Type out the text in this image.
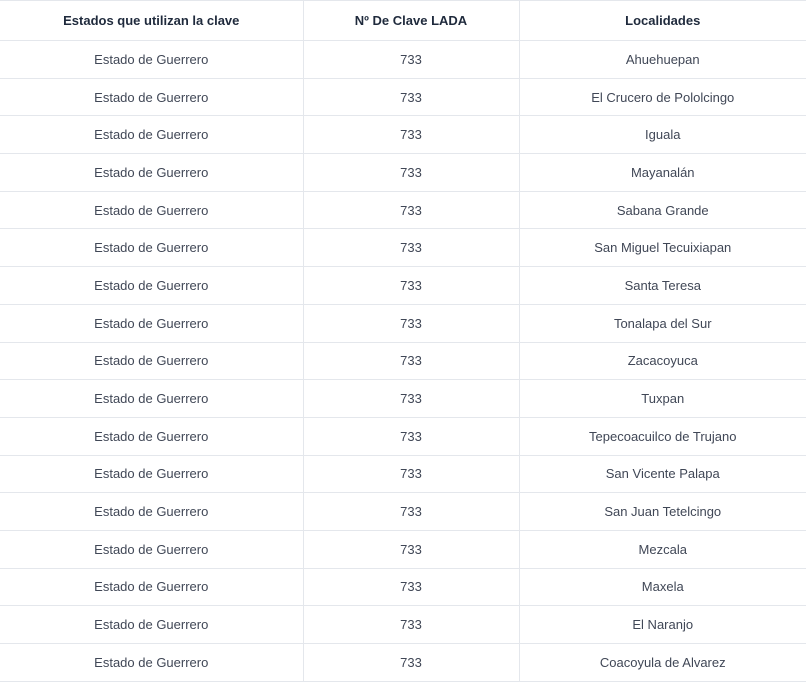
Estados que utilizan la clave	Nº De Clave LADA	Localidades
Estado de Guerrero	733	Ahuehuepan
Estado de Guerrero	733	El Crucero de Pololcingo
Estado de Guerrero	733	Iguala
Estado de Guerrero	733	Mayanalán
Estado de Guerrero	733	Sabana Grande
Estado de Guerrero	733	San Miguel Tecuixiapan
Estado de Guerrero	733	Santa Teresa
Estado de Guerrero	733	Tonalapa del Sur
Estado de Guerrero	733	Zacacoyuca
Estado de Guerrero	733	Tuxpan
Estado de Guerrero	733	Tepecoacuilco de Trujano
Estado de Guerrero	733	San Vicente Palapa
Estado de Guerrero	733	San Juan Tetelcingo
Estado de Guerrero	733	Mezcala
Estado de Guerrero	733	Maxela
Estado de Guerrero	733	El Naranjo
Estado de Guerrero	733	Coacoyula de Alvarez
